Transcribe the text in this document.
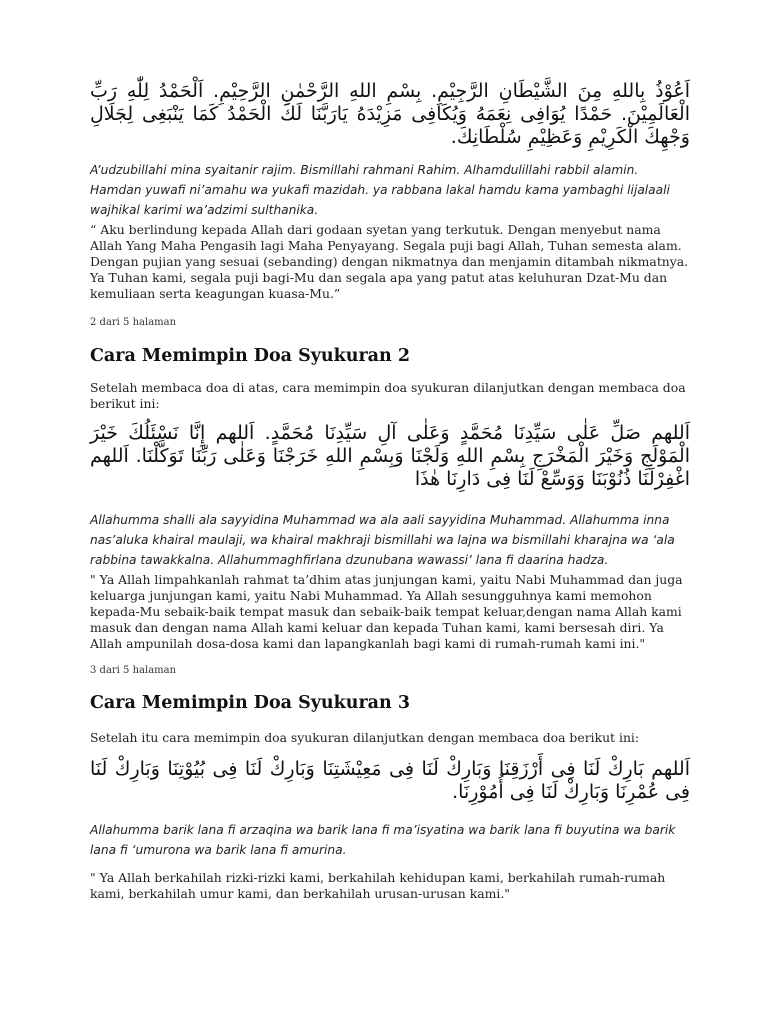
اَعُوْذُ بِاللهِ مِنَ الشَّيْطَانِ الرَّجِيْمِ. بِسْمِ اللهِ الرَّحْمٰنِ الرَّحِيْمِ. اَلْحَمْدُ لِلّٰهِ رَبِّ الْعَالَمِيْنَ. حَمْدًا يُوَافِى نِعَمَهُ وَيُكَافِى مَزِيْدَهُ يَارَبَّنَا لَكَ الْحَمْدُ كَمَا يَنْبَغِى لِجَلَالِ وَجْهِكَ الْكَرِيْمِ وَعَظِيْمِ سُلْطَانِكَ.

A’udzubillahi mina syaitanir rajim. Bismillahi rahmani Rahim. Alhamdulillahi rabbil alamin. Hamdan yuwafi ni’amahu wa yukafi mazidah. ya rabbana lakal hamdu kama yambaghi lijalaali wajhikal karimi wa’adzimi sulthanika.

“ Aku berlindung kepada Allah dari godaan syetan yang terkutuk. Dengan menyebut nama Allah Yang Maha Pengasih lagi Maha Penyayang. Segala puji bagi Allah, Tuhan semesta alam. Dengan pujian yang sesuai (sebanding) dengan nikmatnya dan menjamin ditambah nikmatnya. Ya Tuhan kami, segala puji bagi-Mu dan segala apa yang patut atas keluhuran Dzat-Mu dan kemuliaan serta keagungan kuasa-Mu.”

2 dari 5 halaman

Cara Memimpin Doa Syukuran 2

Setelah membaca doa di atas, cara memimpin doa syukuran dilanjutkan dengan membaca doa berikut ini:

اَللهم صَلِّ عَلٰى سَيِّدِنَا مُحَمَّدٍ وَعَلٰى آلِ سَيِّدِنَا مُحَمَّدٍ. اَللهم إِنَّا نَسْئَلُكَ خَيْرَ الْمَوْلَجِ وَخَيْرَ الْمَخْرَجِ بِسْمِ اللهِ وَلَجْنَا وَبِسْمِ اللهِ خَرَجْنَا وَعَلٰى رَبِّنَا تَوَكَّلْنَا. اَللهم اغْفِرْلَنَا ذُنُوْبَنَا وَوَسِّعْ لَنَا فِى دَارِنَا هٰذَا

Allahumma shalli ala sayyidina Muhammad wa ala aali sayyidina Muhammad. Allahumma inna nas’aluka khairal maulaji, wa khairal makhraji bismillahi wa lajna wa bismillahi kharajna wa ‘ala rabbina tawakkalna. Allahummaghfirlana dzunubana wawassi’ lana fi daarina hadza.

" Ya Allah limpahkanlah rahmat ta’dhim atas junjungan kami, yaitu Nabi Muhammad dan juga keluarga junjungan kami, yaitu Nabi Muhammad. Ya Allah sesungguhnya kami memohon kepada-Mu sebaik-baik tempat masuk dan sebaik-baik tempat keluar,dengan nama Allah kami masuk dan dengan nama Allah kami keluar dan kepada Tuhan kami, kami bersesah diri. Ya Allah ampunilah dosa-dosa kami dan lapangkanlah bagi kami di rumah-rumah kami ini."

3 dari 5 halaman

Cara Memimpin Doa Syukuran 3

Setelah itu cara memimpin doa syukuran dilanjutkan dengan membaca doa berikut ini:

اَللهم بَارِكْ لَنَا فِى أَرْزَقِنَا وَبَارِكْ لَنَا فِى مَعِيْشَتِنَا وَبَارِكْ لَنَا فِى بُيُوْتِنَا وَبَارِكْ لَنَا فِى عُمْرِنَا وَبَارِكْ لَنَا فِى أُمُوْرِنَا.

Allahumma barik lana fi arzaqina wa barik lana fi ma’isyatina wa barik lana fi buyutina wa barik lana fi ‘umurona wa barik lana fi amurina.

" Ya Allah berkahilah rizki-rizki kami, berkahilah kehidupan kami, berkahilah rumah-rumah kami, berkahilah umur kami, dan berkahilah urusan-urusan kami."
